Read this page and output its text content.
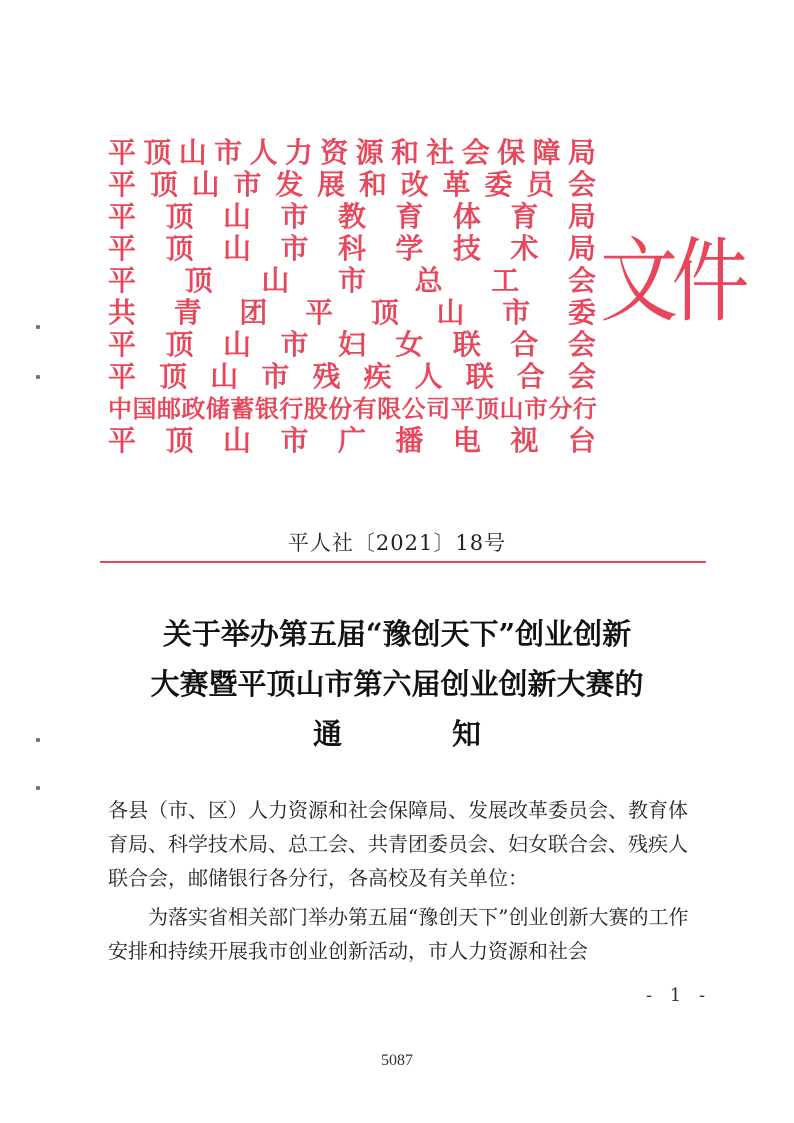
平 顶 山 市 人 力 资 源 和 社 会 保 障 局
平 顶 山 市 发 展 和 改 革 委 员 会
平 顶 山 市 教 育 体 育 局
平 顶 山 市 科 学 技 术 局
平 顶 山 市 总 工 会
共 青 团 平 顶 山 市 委
平 顶 山 市 妇 女 联 合 会
平 顶 山 市 残 疾 人 联 合 会
中 国 邮 政 储 蓄 银 行 股 份 有 限 公 司 平 顶 山 市 分 行
平 顶 山 市 广 播 电 视 台
文件
平人社〔2021〕18号
关于举办第五届“豫创天下”创业创新
大赛暨平顶山市第六届创业创新大赛的
通 知
各县（市、区）人力资源和社会保障局、发展改革委员会、教育体育局、科学技术局、总工会、共青团委员会、妇女联合会、残疾人联合会，邮储银行各分行，各高校及有关单位：
为落实省相关部门举办第五届“豫创天下”创业创新大赛的工作安排和持续开展我市创业创新活动，市人力资源和社会
- 1 -
5087
